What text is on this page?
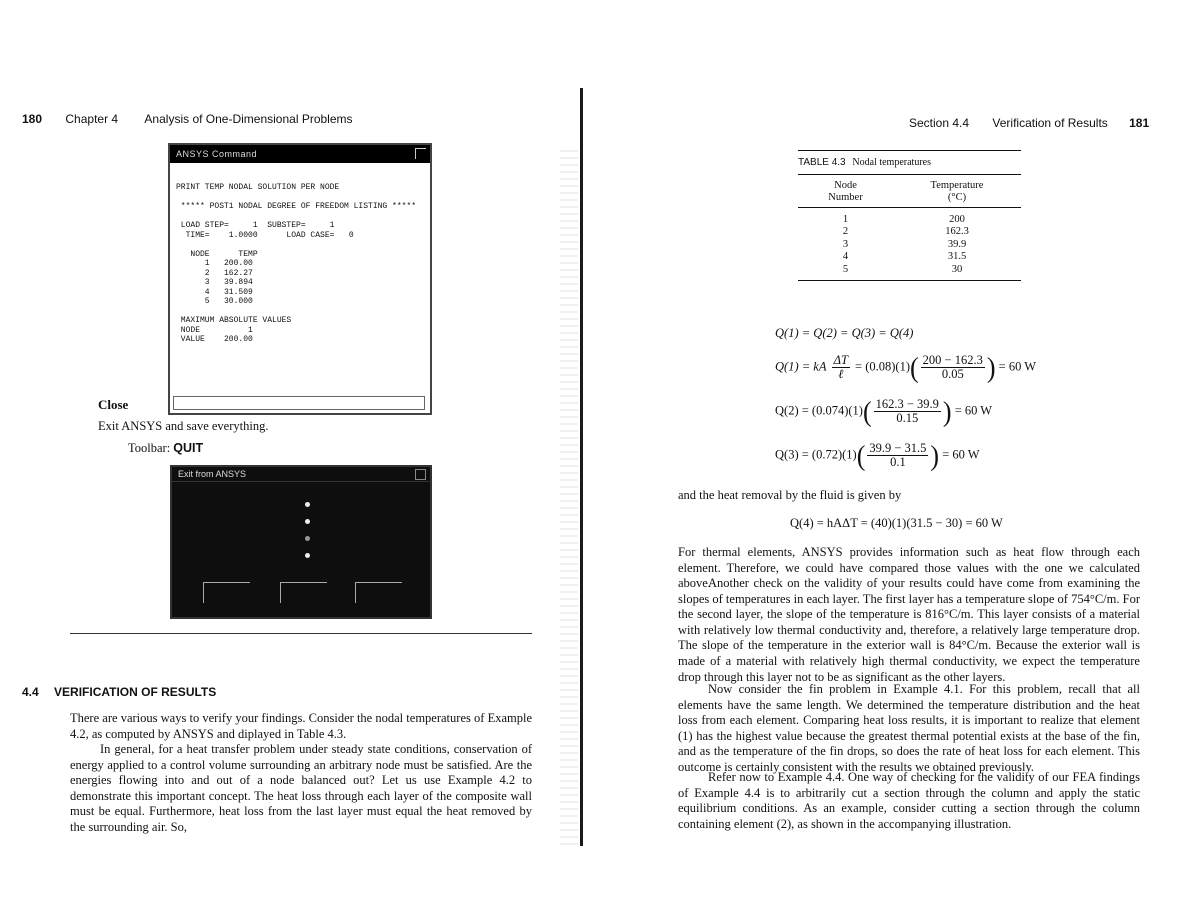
180 Chapter 4 Analysis of One-Dimensional Problems
ANSYS Command
PRINT TEMP NODAL SOLUTION PER NODE
***** POST1 NODAL DEGREE OF FREEDOM LISTING *****
LOAD STEP=     1  SUBSTEP=     1
TIME=    1.0000      LOAD CASE=   0
NODE      TEMP
1   200.00
2   162.27
3   39.894
4   31.509
5   30.000
MAXIMUM ABSOLUTE VALUES
NODE          1
VALUE    200.00
Close
Exit ANSYS and save everything.
Toolbar: QUIT
Exit from ANSYS
4.4 VERIFICATION OF RESULTS
There are various ways to verify your findings. Consider the nodal temperatures of Example 4.2, as computed by ANSYS and diplayed in Table 4.3.
In general, for a heat transfer problem under steady state conditions, conservation of energy applied to a control volume surrounding an arbitrary node must be satisfied. Are the energies flowing into and out of a node balanced out? Let us use Example 4.2 to demonstrate this important concept. The heat loss through each layer of the composite wall must be equal. Furthermore, heat loss from the last layer must equal the heat removed by the surrounding air. So,
Section 4.4 Verification of Results 181
TABLE 4.3 Nodal temperatures
Node	Temperature
Number	(°C)
1	200
2	162.3
3	39.9
4	31.5
5	30
Q(1) = Q(2) = Q(3) = Q(4)
Q(1) = kA $\frac{\Delta T}{\text{ℓ}} = (0.08)(1)( \frac{200 - 162.3}{0.05}$ ) = 60 W
$Q(2) = (0.074)(1)( \frac{162.3 - 39.9}{0.15}$ ) = 60 W
$Q(3) = (0.72)(1)( \frac{39.9 - 31.5}{0.1}$ ) = 60 W
and the heat removal by the fluid is given by
Q(4) = hAΔT = (40)(1)(31.5 − 30) = 60 W
For thermal elements, ANSYS provides information such as heat flow through each element. Therefore, we could have compared those values with the one we calculated above.
Another check on the validity of your results could have come from examining the slopes of temperatures in each layer. The first layer has a temperature slope of 754°C/m. For the second layer, the slope of the temperature is 816°C/m. This layer consists of a material with relatively low thermal conductivity and, therefore, a relatively large temperature drop. The slope of the temperature in the exterior wall is 84°C/m. Because the exterior wall is made of a material with relatively high thermal conductivity, we expect the temperature drop through this layer not to be as significant as the other layers.
Now consider the fin problem in Example 4.1. For this problem, recall that all elements have the same length. We determined the temperature distribution and the heat loss from each element. Comparing heat loss results, it is important to realize that element (1) has the highest value because the greatest thermal potential exists at the base of the fin, and as the temperature of the fin drops, so does the rate of heat loss for each element. This outcome is certainly consistent with the results we obtained previously.
Refer now to Example 4.4. One way of checking for the validity of our FEA findings of Example 4.4 is to arbitrarily cut a section through the column and apply the static equilibrium conditions. As an example, consider cutting a section through the column containing element (2), as shown in the accompanying illustration.
